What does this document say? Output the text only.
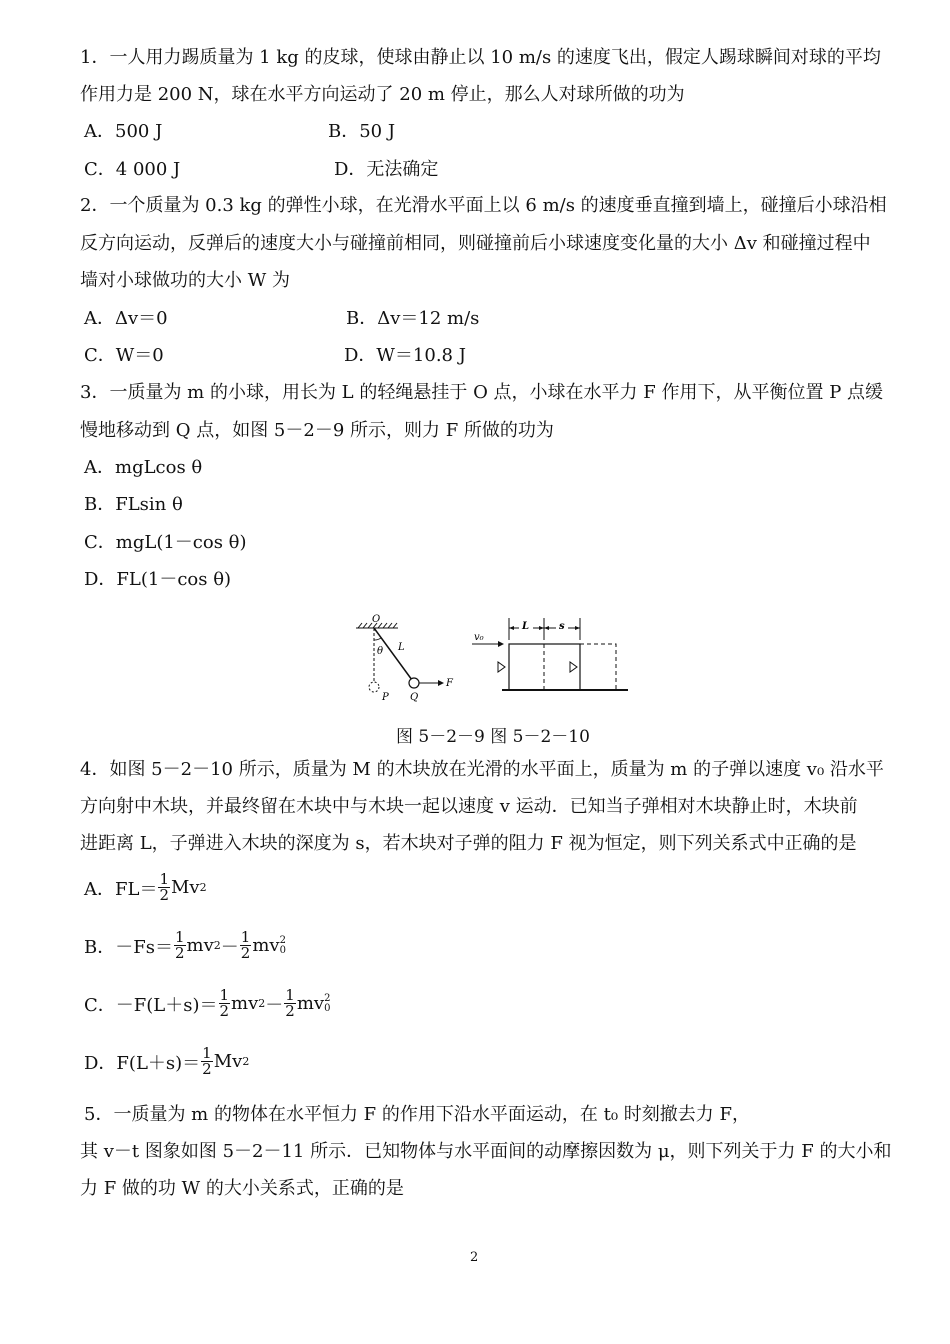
1．一人用力踢质量为 1 kg 的皮球，使球由静止以 10 m/s 的速度飞出，假定人踢球瞬间对球的平均
作用力是 200 N，球在水平方向运动了 20 m 停止，那么人对球所做的功为
A．500 J	B．50 J
C．4 000 J	D．无法确定
2．一个质量为 0.3 kg 的弹性小球，在光滑水平面上以 6 m/s 的速度垂直撞到墙上，碰撞后小球沿相
反方向运动，反弹后的速度大小与碰撞前相同，则碰撞前后小球速度变化量的大小 Δv 和碰撞过程中
墙对小球做功的大小 W 为
A．Δv＝0	B．Δv＝12 m/s
C．W＝0	D．W＝10.8 J
3．一质量为 m 的小球，用长为 L 的轻绳悬挂于 O 点，小球在水平力 F 作用下，从平衡位置 P 点缓
慢地移动到 Q 点，如图 5－2－9 所示，则力 F 所做的功为
A．mgLcos θ
B．FLsin θ
C．mgL(1－cos θ)
D．FL(1－cos θ)
O
θ L
P Q
F
v₀
L	s
图 5－2－9 图 5－2－10
4．如图 5－2－10 所示，质量为 M 的木块放在光滑的水平面上，质量为 m 的子弹以速度 v₀ 沿水平
方向射中木块，并最终留在木块中与木块一起以速度 v 运动．已知当子弹相对木块静止时，木块前
进距离 L，子弹进入木块的深度为 s，若木块对子弹的阻力 F 视为恒定，则下列关系式中正确的是
A．$FL= \frac{1}{2}$ Mv 2
B．$-Fs= \frac{1}{2}$ mv $2 - \frac{1}{2}$ mv 2
0
C．$-F(L+s)= \frac{1}{2}$ mv $2 - \frac{1}{2}$ mv 2
0
D．$F(L+s)= \frac{1}{2}$ Mv 2
5．一质量为 m 的物体在水平恒力 F 的作用下沿水平面运动，在 t₀ 时刻撤去力 F，
其 v－t 图象如图 5－2－11 所示．已知物体与水平面间的动摩擦因数为 μ，则下列关于力 F 的大小和
力 F 做的功 W 的大小关系式，正确的是
2
